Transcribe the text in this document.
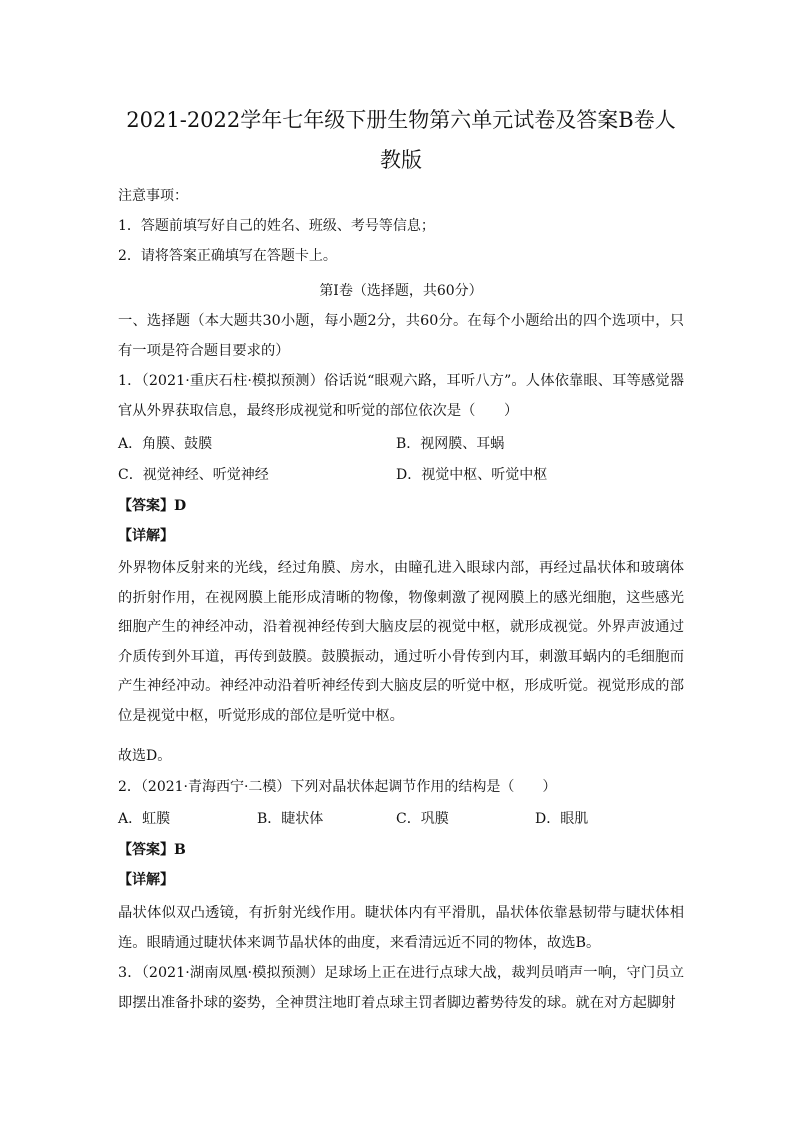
2021-2022学年七年级下册生物第六单元试卷及答案B卷人
教版
注意事项：
1．答题前填写好自己的姓名、班级、考号等信息；
2．请将答案正确填写在答题卡上。
第I卷（选择题，共60分）
一、选择题（本大题共30小题，每小题2分，共60分。在每个小题给出的四个选项中，只有一项是符合题目要求的）
1．（2021·重庆石柱·模拟预测）俗话说“眼观六路，耳听八方”。人体依靠眼、耳等感觉器官从外界获取信息，最终形成视觉和听觉的部位依次是（　　）
A．角膜、鼓膜	B．视网膜、耳蜗
C．视觉神经、听觉神经	D．视觉中枢、听觉中枢
【答案】D
【详解】
外界物体反射来的光线，经过角膜、房水，由瞳孔进入眼球内部，再经过晶状体和玻璃体的折射作用，在视网膜上能形成清晰的物像，物像刺激了视网膜上的感光细胞，这些感光细胞产生的神经冲动，沿着视神经传到大脑皮层的视觉中枢，就形成视觉。外界声波通过介质传到外耳道，再传到鼓膜。鼓膜振动，通过听小骨传到内耳，刺激耳蜗内的毛细胞而产生神经冲动。神经冲动沿着听神经传到大脑皮层的听觉中枢，形成听觉。视觉形成的部位是视觉中枢，听觉形成的部位是听觉中枢。
故选D。
2．（2021·青海西宁·二模）下列对晶状体起调节作用的结构是（　　）
A．虹膜	B．睫状体	C．巩膜	D．眼肌
【答案】B
【详解】
晶状体似双凸透镜，有折射光线作用。睫状体内有平滑肌，晶状体依靠悬韧带与睫状体相连。眼睛通过睫状体来调节晶状体的曲度，来看清远近不同的物体，故选B。
3．（2021·湖南凤凰·模拟预测）足球场上正在进行点球大战，裁判员哨声一响，守门员立即摆出准备扑球的姿势，全神贯注地盯着点球主罚者脚边蓄势待发的球。就在对方起脚射
